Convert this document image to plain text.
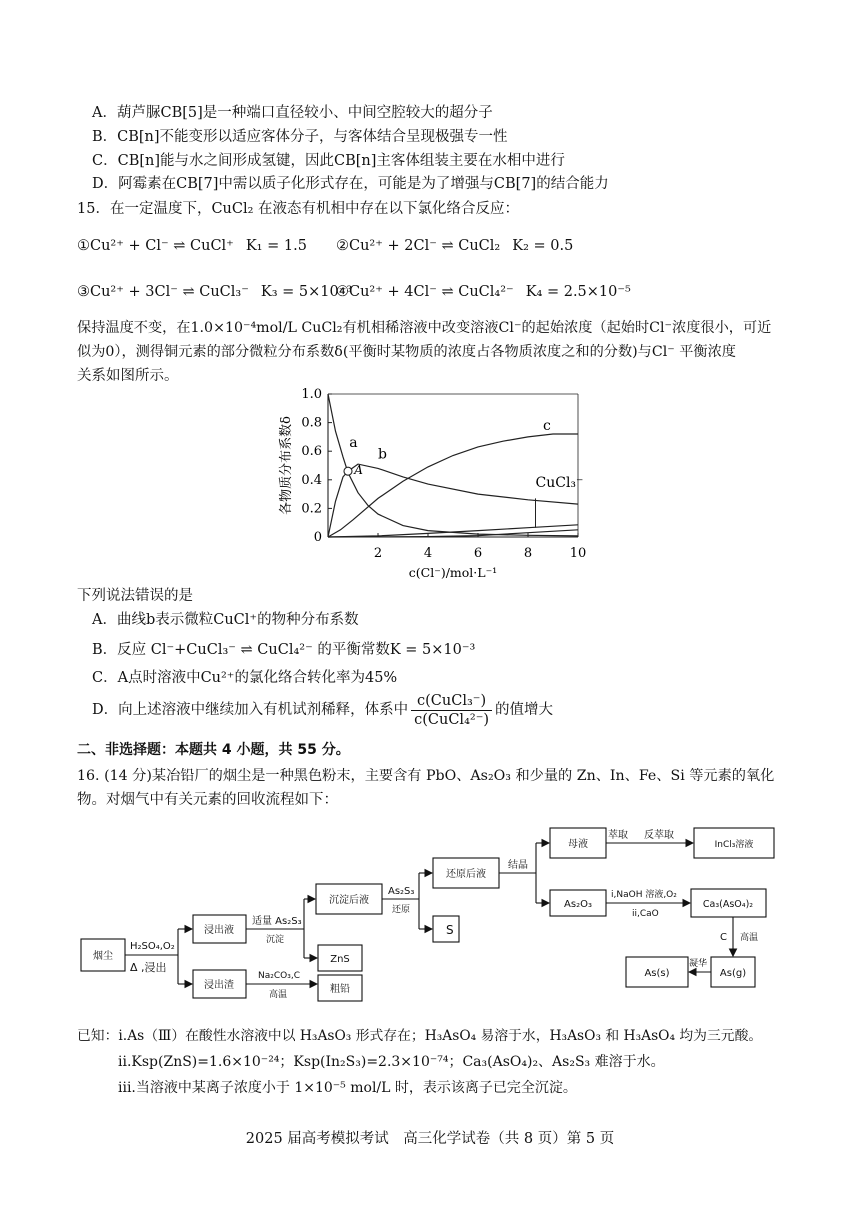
A．葫芦脲CB[5]是一种端口直径较小、中间空腔较大的超分子
B．CB[n]不能变形以适应客体分子，与客体结合呈现极强专一性
C．CB[n]能与水之间形成氢键，因此CB[n]主客体组装主要在水相中进行
D．阿霉素在CB[7]中需以质子化形式存在，可能是为了增强与CB[7]的结合能力
15．在一定温度下，CuCl₂ 在液态有机相中存在以下氯化络合反应：
①Cu²⁺ + Cl⁻ ⇌ CuCl⁺ K₁ = 1.5 ②Cu²⁺ + 2Cl⁻ ⇌ CuCl₂ K₂ = 0.5
③Cu²⁺ + 3Cl⁻ ⇌ CuCl₃⁻ K₃ = 5×10⁻³
④Cu²⁺ + 4Cl⁻ ⇌ CuCl₄²⁻ K₄ = 2.5×10⁻⁵
保持温度不变，在1.0×10⁻⁴mol/L CuCl₂有机相稀溶液中改变溶液Cl⁻的起始浓度（起始时Cl⁻浓度很小，可近
似为0），测得铜元素的部分微粒分布系数δ(平衡时某物质的浓度占各物质浓度之和的分数)与Cl⁻ 平衡浓度
关系如图所示。
0
0.2
0.4
0.6
0.8
1.0
2	4	6	8	10
各物质分布系数δ
c(Cl⁻)/mol·L⁻¹
a
b
c
A
CuCl₃⁻
下列说法错误的是
A．曲线b表示微粒CuCl⁺的物种分布系数
B．反应 Cl⁻+CuCl₃⁻ ⇌ CuCl₄²⁻ 的平衡常数K = 5×10⁻³
C．A点时溶液中Cu²⁺的氯化络合转化率为45%
D．向上述溶液中继续加入有机试剂稀释，体系中 $\frac{\text{c(CuCl₃⁻)}}{\text{c(CuCl₄²⁻)}}$ 的值增大
二、非选择题：本题共 4 小题，共 55 分。
16. (14 分)某冶铅厂的烟尘是一种黑色粉末，主要含有 PbO、As₂O₃ 和少量的 Zn、In、Fe、Si 等元素的氧化
物。对烟气中有关元素的回收流程如下：
烟尘
H₂SO₄,O₂
Δ ,浸出
浸出液
浸出渣
适量 As₂S₃
沉淀
Na₂CO₃,C
高温
ZnS
粗铅
沉淀后液
As₂S₃
还原
S
还原后液
结晶
母液
萃取 反萃取
InCl₃溶液
As₂O₃
i,NaOH 溶液,O₂
ii,CaO
Ca₃(AsO₄)₂
C 高温
As(g)
凝华
As(s)
已知：i.As（Ⅲ）在酸性水溶液中以 H₃AsO₃ 形式存在；H₃AsO₄ 易溶于水，H₃AsO₃ 和 H₃AsO₄ 均为三元酸。
ii.Ksp(ZnS)=1.6×10⁻²⁴；Ksp(In₂S₃)=2.3×10⁻⁷⁴；Ca₃(AsO₄)₂、As₂S₃ 难溶于水。
iii.当溶液中某离子浓度小于 1×10⁻⁵ mol/L 时，表示该离子已完全沉淀。
2025 届高考模拟考试　高三化学试卷（共 8 页）第 5 页
